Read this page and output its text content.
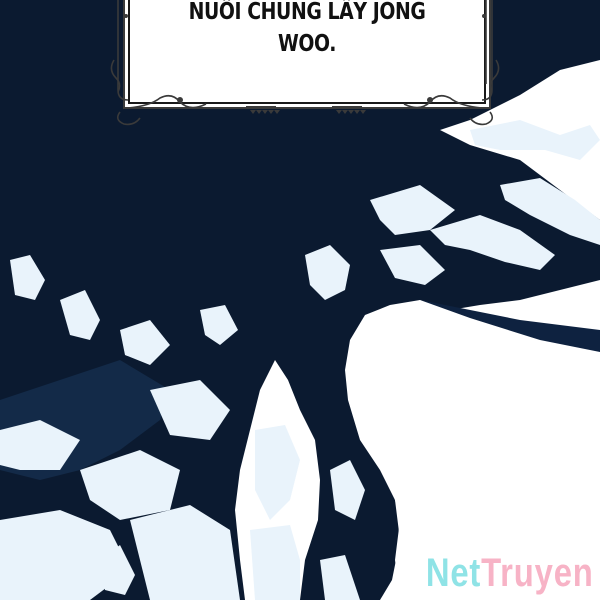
NUÔI CHUNG LẤY JONG
WOO.
NetTruyen
